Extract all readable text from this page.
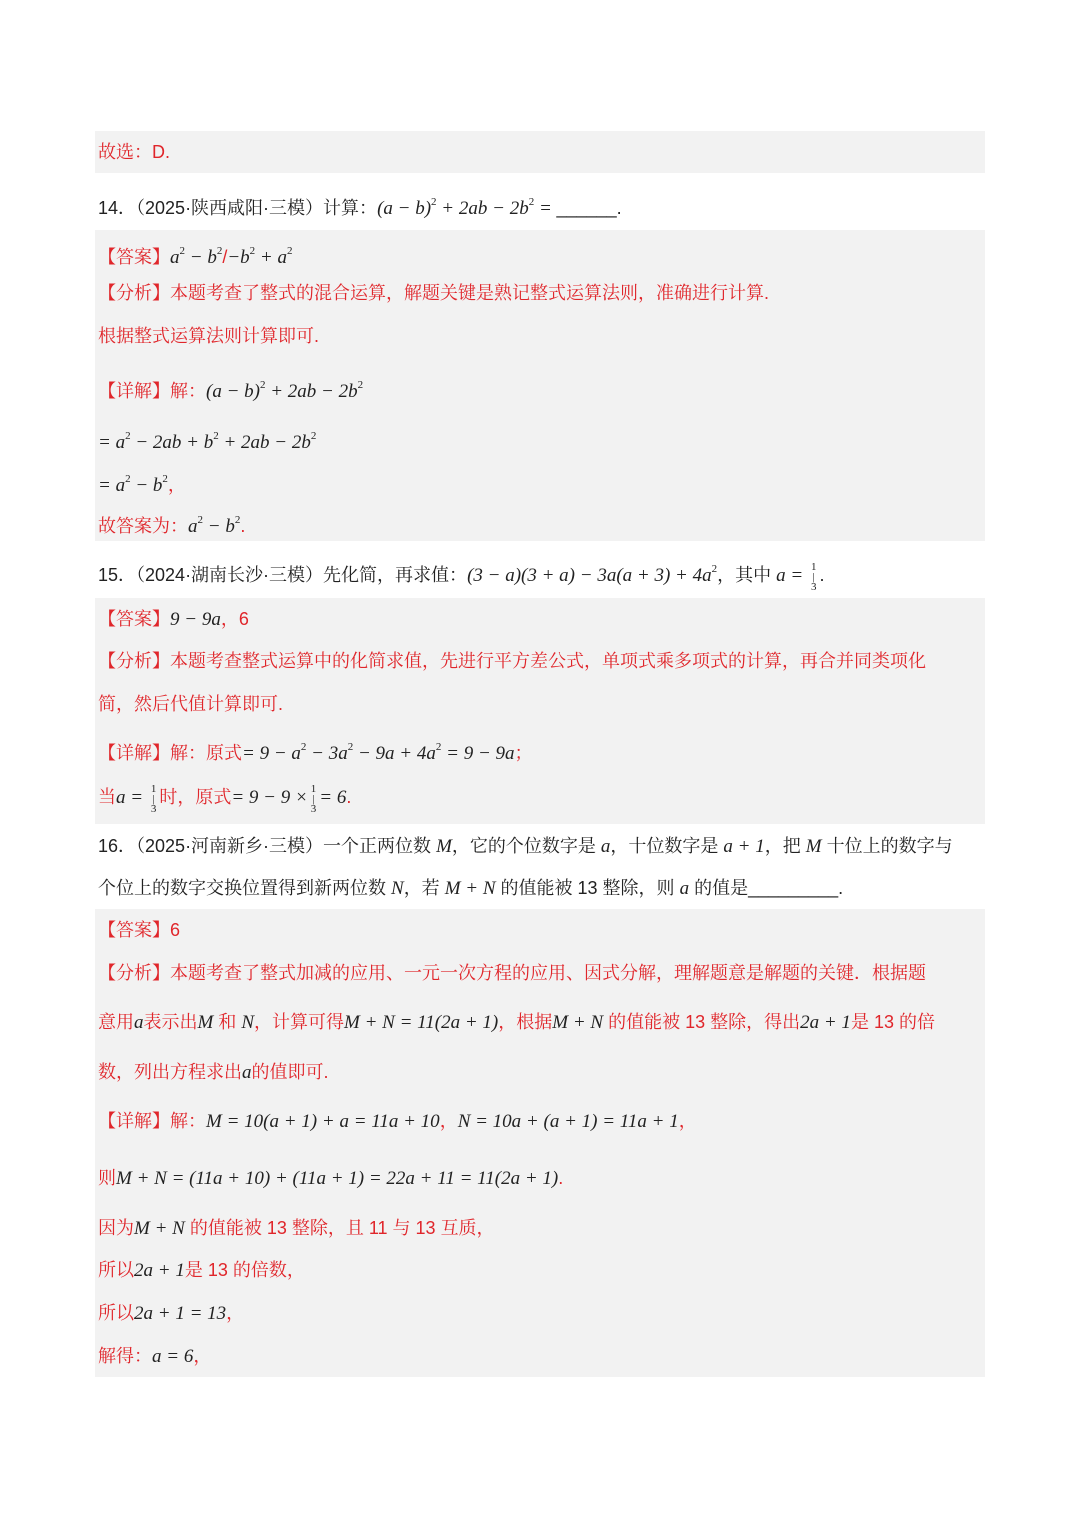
故选：D.
14．（2025·陕西咸阳·三模）计算：$(a - b)^2 + 2ab - 2b^2$ = ______.
【答案】$a^2 - b^2/-b^2 + a^2$
【分析】本题考查了整式的混合运算，解题关键是熟记整式运算法则，准确进行计算.
根据整式运算法则计算即可.
【详解】解：$(a - b)^2 + 2ab - 2b^2$
= $a^2 - 2ab + b^2 + 2ab - 2b^2$
= $a^2 - b^2$，
故答案为：$a^2 - b^2$.
15．（2024·湖南长沙·三模）先化简，再求值：$(3 - a)(3 + a) - 3a(a + 3) + 4a^2$，其中 a = 1|3.
【答案】9 − 9a，6
【分析】本题考查整式运算中的化简求值，先进行平方差公式，单项式乘多项式的计算，再合并同类项化
简，然后代值计算即可.
【详解】解：原式= $9 - a^2 - 3a^2 - 9a + 4a^2 = 9 - 9a$；
当a = 1|3时，原式= 9 − 9 × 1|3= 6.
16．（2025·河南新乡·三模）一个正两位数 M，它的个位数字是 a，十位数字是 a + 1，把 M 十位上的数字与
个位上的数字交换位置得到新两位数 N，若 M + N 的值能被 13 整除，则 a 的值是_________.
【答案】6
【分析】本题考查了整式加减的应用、一元一次方程的应用、因式分解，理解题意是解题的关键．根据题
意用a表示出M 和 N，计算可得M + N = 11(2a + 1)，根据M + N 的值能被 13 整除，得出2a + 1是 13 的倍
数，列出方程求出a的值即可.
【详解】解：M = 10(a + 1) + a = 11a + 10，N = 10a + (a + 1) = 11a + 1，
则M + N = (11a + 10) + (11a + 1) = 22a + 11 = 11(2a + 1).
因为M + N 的值能被 13 整除，且 11 与 13 互质，
所以2a + 1是 13 的倍数，
所以2a + 1 = 13，
解得：a = 6，
